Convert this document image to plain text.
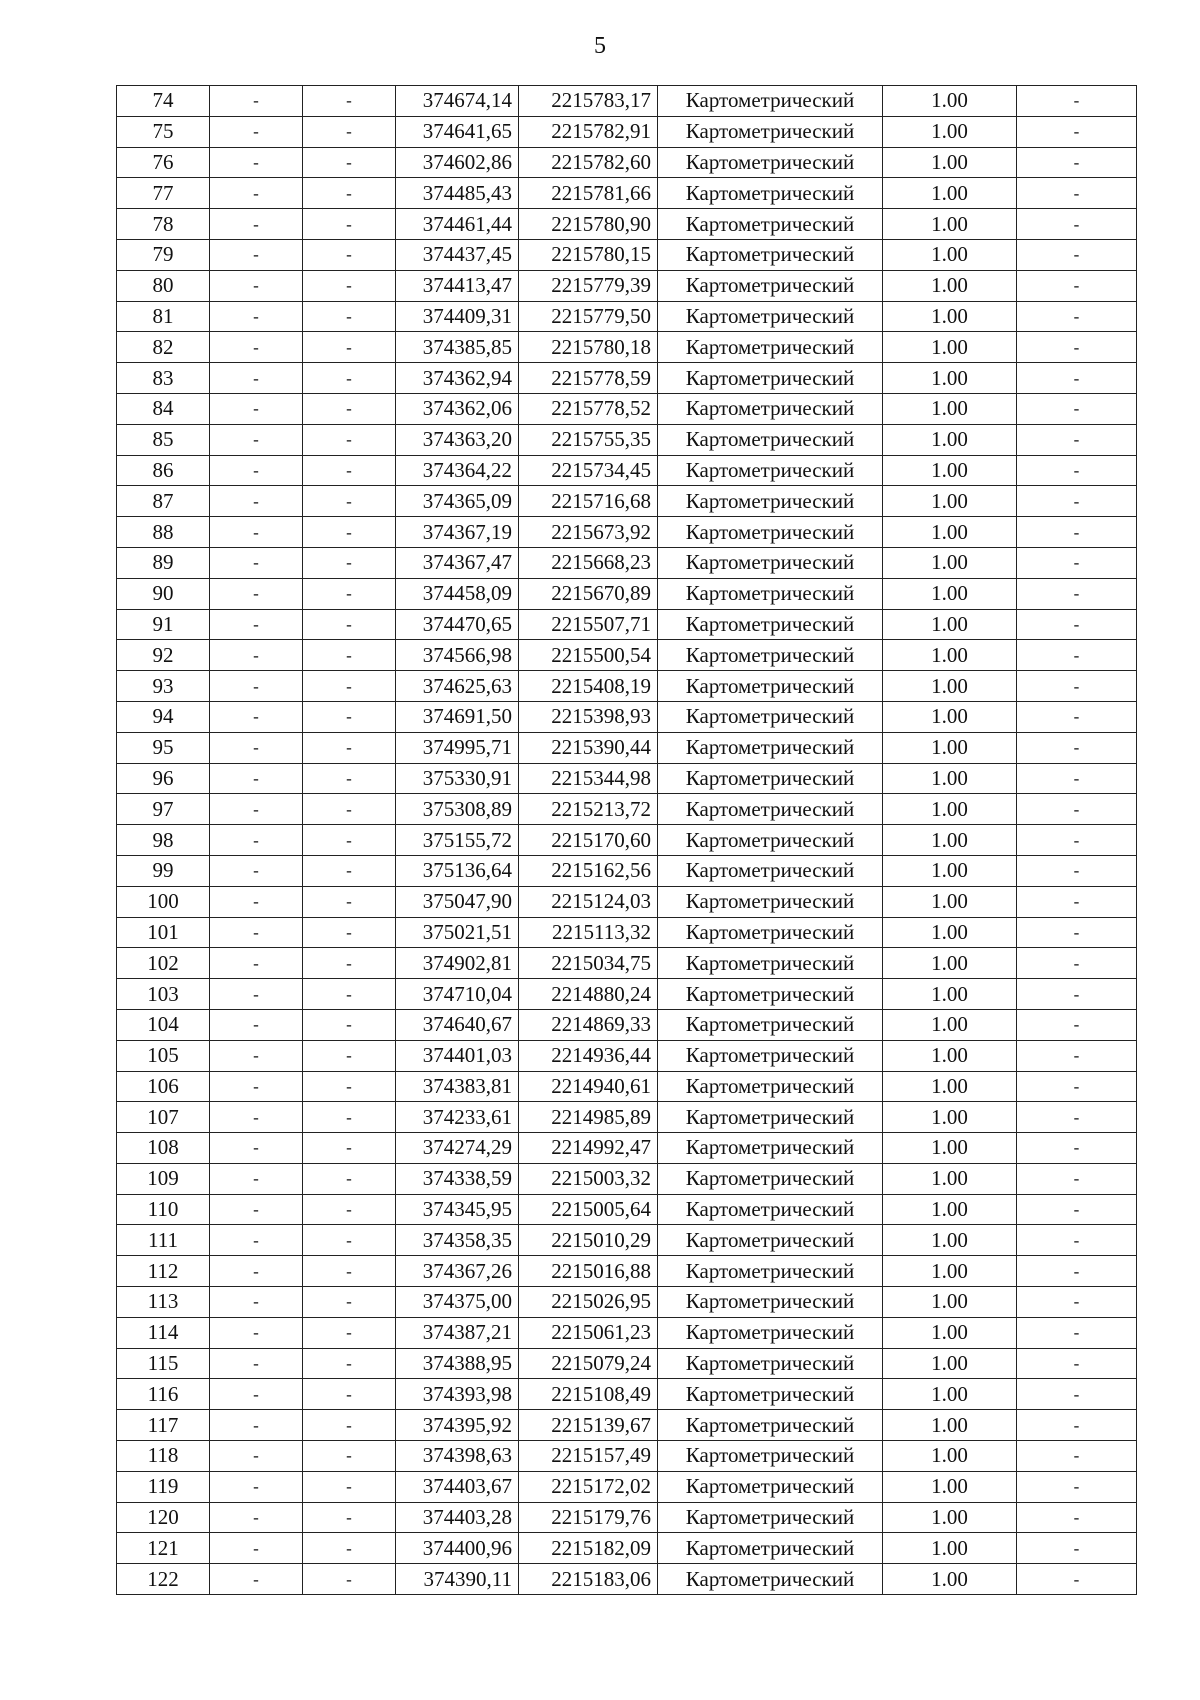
5
74	-	-	374674,14	2215783,17	Картометрический	1.00	-
75	-	-	374641,65	2215782,91	Картометрический	1.00	-
76	-	-	374602,86	2215782,60	Картометрический	1.00	-
77	-	-	374485,43	2215781,66	Картометрический	1.00	-
78	-	-	374461,44	2215780,90	Картометрический	1.00	-
79	-	-	374437,45	2215780,15	Картометрический	1.00	-
80	-	-	374413,47	2215779,39	Картометрический	1.00	-
81	-	-	374409,31	2215779,50	Картометрический	1.00	-
82	-	-	374385,85	2215780,18	Картометрический	1.00	-
83	-	-	374362,94	2215778,59	Картометрический	1.00	-
84	-	-	374362,06	2215778,52	Картометрический	1.00	-
85	-	-	374363,20	2215755,35	Картометрический	1.00	-
86	-	-	374364,22	2215734,45	Картометрический	1.00	-
87	-	-	374365,09	2215716,68	Картометрический	1.00	-
88	-	-	374367,19	2215673,92	Картометрический	1.00	-
89	-	-	374367,47	2215668,23	Картометрический	1.00	-
90	-	-	374458,09	2215670,89	Картометрический	1.00	-
91	-	-	374470,65	2215507,71	Картометрический	1.00	-
92	-	-	374566,98	2215500,54	Картометрический	1.00	-
93	-	-	374625,63	2215408,19	Картометрический	1.00	-
94	-	-	374691,50	2215398,93	Картометрический	1.00	-
95	-	-	374995,71	2215390,44	Картометрический	1.00	-
96	-	-	375330,91	2215344,98	Картометрический	1.00	-
97	-	-	375308,89	2215213,72	Картометрический	1.00	-
98	-	-	375155,72	2215170,60	Картометрический	1.00	-
99	-	-	375136,64	2215162,56	Картометрический	1.00	-
100	-	-	375047,90	2215124,03	Картометрический	1.00	-
101	-	-	375021,51	2215113,32	Картометрический	1.00	-
102	-	-	374902,81	2215034,75	Картометрический	1.00	-
103	-	-	374710,04	2214880,24	Картометрический	1.00	-
104	-	-	374640,67	2214869,33	Картометрический	1.00	-
105	-	-	374401,03	2214936,44	Картометрический	1.00	-
106	-	-	374383,81	2214940,61	Картометрический	1.00	-
107	-	-	374233,61	2214985,89	Картометрический	1.00	-
108	-	-	374274,29	2214992,47	Картометрический	1.00	-
109	-	-	374338,59	2215003,32	Картометрический	1.00	-
110	-	-	374345,95	2215005,64	Картометрический	1.00	-
111	-	-	374358,35	2215010,29	Картометрический	1.00	-
112	-	-	374367,26	2215016,88	Картометрический	1.00	-
113	-	-	374375,00	2215026,95	Картометрический	1.00	-
114	-	-	374387,21	2215061,23	Картометрический	1.00	-
115	-	-	374388,95	2215079,24	Картометрический	1.00	-
116	-	-	374393,98	2215108,49	Картометрический	1.00	-
117	-	-	374395,92	2215139,67	Картометрический	1.00	-
118	-	-	374398,63	2215157,49	Картометрический	1.00	-
119	-	-	374403,67	2215172,02	Картометрический	1.00	-
120	-	-	374403,28	2215179,76	Картометрический	1.00	-
121	-	-	374400,96	2215182,09	Картометрический	1.00	-
122	-	-	374390,11	2215183,06	Картометрический	1.00	-
